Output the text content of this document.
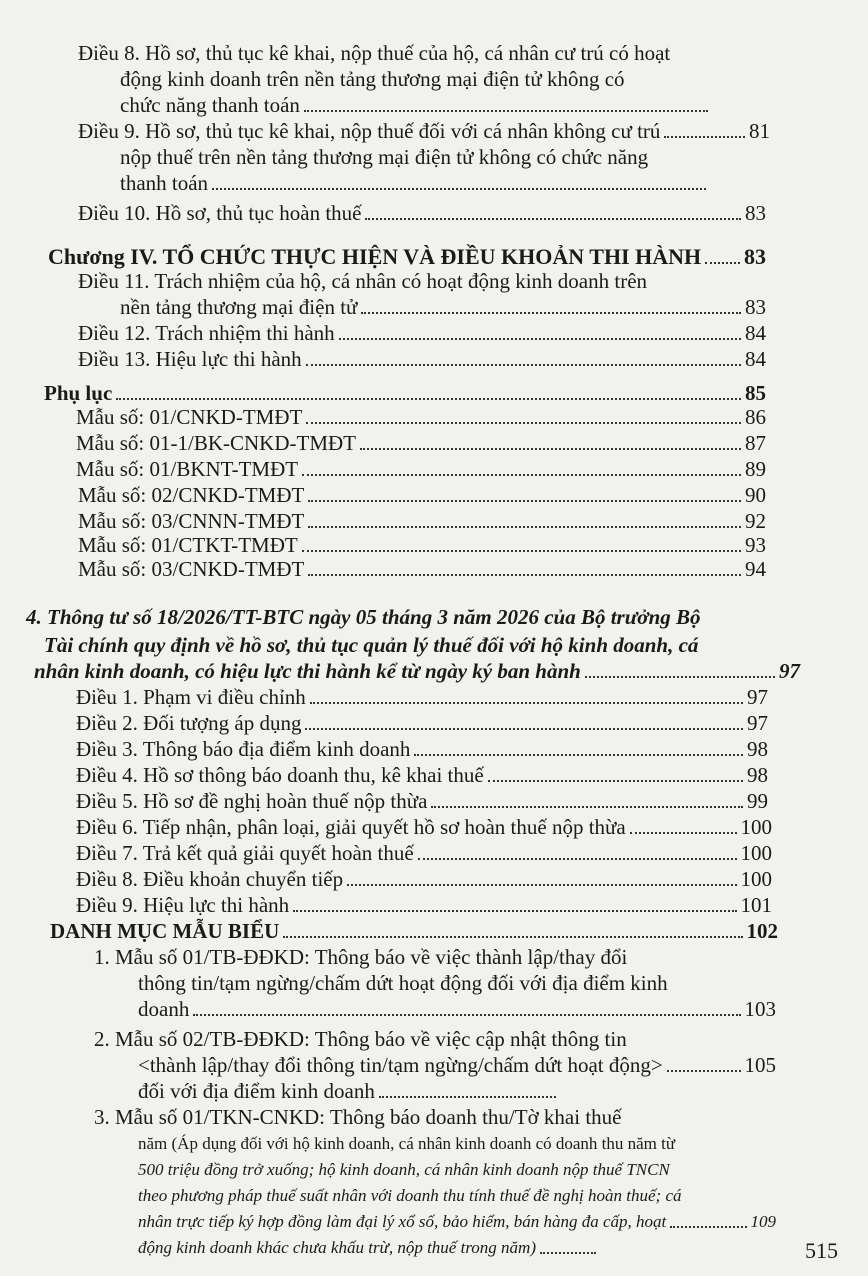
Điều 8. Hồ sơ, thủ tục kê khai, nộp thuế của hộ, cá nhân cư trú có hoạt
động kinh doanh trên nền tảng thương mại điện tử không có
chức năng thanh toán
Điều 9. Hồ sơ, thủ tục kê khai, nộp thuế đối với cá nhân không cư trú	81
nộp thuế trên nền tảng thương mại điện tử không có chức năng
thanh toán
Điều 10. Hồ sơ, thủ tục hoàn thuế	83
Chương IV. TỔ CHỨC THỰC HIỆN VÀ ĐIỀU KHOẢN THI HÀNH 83
Điều 11. Trách nhiệm của hộ, cá nhân có hoạt động kinh doanh trên
nền tảng thương mại điện tử	83
Điều 12. Trách nhiệm thi hành	84
Điều 13. Hiệu lực thi hành	84
Phụ lục	85
Mẫu số: 01/CNKD-TMĐT	86
Mẫu số: 01-1/BK-CNKD-TMĐT	87
Mẫu số: 01/BKNT-TMĐT	89
Mẫu số: 02/CNKD-TMĐT	90
Mẫu số: 03/CNNN-TMĐT	92
Mẫu số: 01/CTKT-TMĐT	93
Mẫu số: 03/CNKD-TMĐT	94
4. Thông tư số 18/2026/TT-BTC ngày 05 tháng 3 năm 2026 của Bộ trưởng Bộ
Tài chính quy định về hồ sơ, thủ tục quản lý thuế đối với hộ kinh doanh, cá
nhân kinh doanh, có hiệu lực thi hành kể từ ngày ký ban hành	97
Điều 1. Phạm vi điều chỉnh	97
Điều 2. Đối tượng áp dụng	97
Điều 3. Thông báo địa điểm kinh doanh	98
Điều 4. Hồ sơ thông báo doanh thu, kê khai thuế	98
Điều 5. Hồ sơ đề nghị hoàn thuế nộp thừa	99
Điều 6. Tiếp nhận, phân loại, giải quyết hồ sơ hoàn thuế nộp thừa	100
Điều 7. Trả kết quả giải quyết hoàn thuế	100
Điều 8. Điều khoản chuyển tiếp	100
Điều 9. Hiệu lực thi hành	101
DANH MỤC MẪU BIỂU	102
1. Mẫu số 01/TB-ĐĐKD: Thông báo về việc thành lập/thay đổi
thông tin/tạm ngừng/chấm dứt hoạt động đối với địa điểm kinh
doanh	103
2. Mẫu số 02/TB-ĐĐKD: Thông báo về việc cập nhật thông tin
<thành lập/thay đổi thông tin/tạm ngừng/chấm dứt hoạt động>	105
đối với địa điểm kinh doanh
3. Mẫu số 01/TKN-CNKD: Thông báo doanh thu/Tờ khai thuế
năm (Áp dụng đối với hộ kinh doanh, cá nhân kinh doanh có doanh thu năm từ
500 triệu đồng trở xuống; hộ kinh doanh, cá nhân kinh doanh nộp thuế TNCN
theo phương pháp thuế suất nhân với doanh thu tính thuế đề nghị hoàn thuế; cá
nhân trực tiếp ký hợp đồng làm đại lý xổ số, bảo hiểm, bán hàng đa cấp, hoạt	109
động kinh doanh khác chưa khấu trừ, nộp thuế trong năm)	515
